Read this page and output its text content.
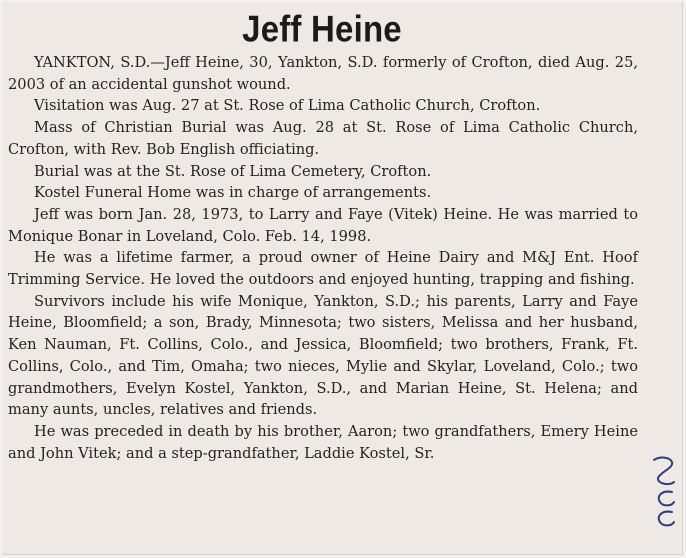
Jeff Heine

YANKTON, S.D.—Jeff Heine, 30, Yankton, S.D. formerly of Crofton, died Aug. 25, 2003 of an accidental gunshot wound.

Visitation was Aug. 27 at St. Rose of Lima Catholic Church, Crofton.

Mass of Christian Burial was Aug. 28 at St. Rose of Lima Catholic Church, Crofton, with Rev. Bob English officiating.

Burial was at the St. Rose of Lima Cemetery, Crofton.

Kostel Funeral Home was in charge of arrangements.

Jeff was born Jan. 28, 1973, to Larry and Faye (Vitek) Heine. He was married to Monique Bonar in Loveland, Colo. Feb. 14, 1998.

He was a lifetime farmer, a proud owner of Heine Dairy and M&J Ent. Hoof Trimming Service. He loved the outdoors and enjoyed hunting, trapping and fishing.

Survivors include his wife Monique, Yankton, S.D.; his parents, Larry and Faye Heine, Bloomfield; a son, Brady, Minnesota; two sisters, Melissa and her husband, Ken Nauman, Ft. Collins, Colo., and Jessica, Bloomfield; two brothers, Frank, Ft. Collins, Colo., and Tim, Omaha; two nieces, Mylie and Skylar, Loveland, Colo.; two grandmothers, Evelyn Kostel, Yankton, S.D., and Marian Heine, St. Helena; and many aunts, uncles, relatives and friends.

He was preceded in death by his brother, Aaron; two grandfathers, Emery Heine and John Vitek; and a step-grandfather, Laddie Kostel, Sr.
